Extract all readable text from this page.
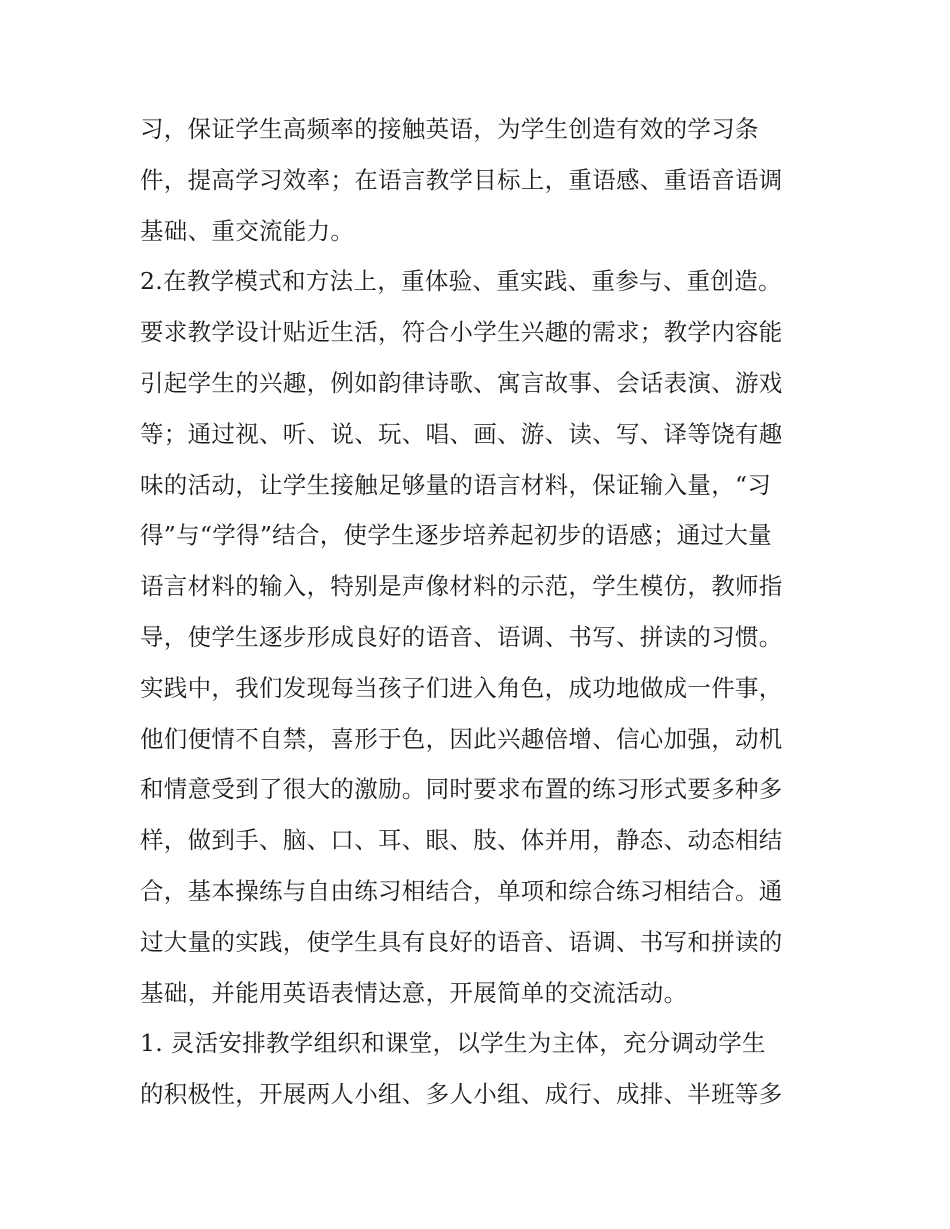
习，保证学生高频率的接触英语，为学生创造有效的学习条
件，提高学习效率；在语言教学目标上，重语感、重语音语调
基础、重交流能力。
2.在教学模式和方法上，重体验、重实践、重参与、重创造。
要求教学设计贴近生活，符合小学生兴趣的需求；教学内容能
引起学生的兴趣，例如韵律诗歌、寓言故事、会话表演、游戏
等；通过视、听、说、玩、唱、画、游、读、写、译等饶有趣
味的活动，让学生接触足够量的语言材料，保证输入量，“习
得”与“学得”结合，使学生逐步培养起初步的语感；通过大量
语言材料的输入，特别是声像材料的示范，学生模仿，教师指
导，使学生逐步形成良好的语音、语调、书写、拼读的习惯。
实践中，我们发现每当孩子们进入角色，成功地做成一件事，
他们便情不自禁，喜形于色，因此兴趣倍增、信心加强，动机
和情意受到了很大的激励。同时要求布置的练习形式要多种多
样，做到手、脑、口、耳、眼、肢、体并用，静态、动态相结
合，基本操练与自由练习相结合，单项和综合练习相结合。通
过大量的实践，使学生具有良好的语音、语调、书写和拼读的
基础，并能用英语表情达意，开展简单的交流活动。
1. 灵活安排教学组织和课堂，以学生为主体，充分调动学生
的积极性，开展两人小组、多人小组、成行、成排、半班等多
